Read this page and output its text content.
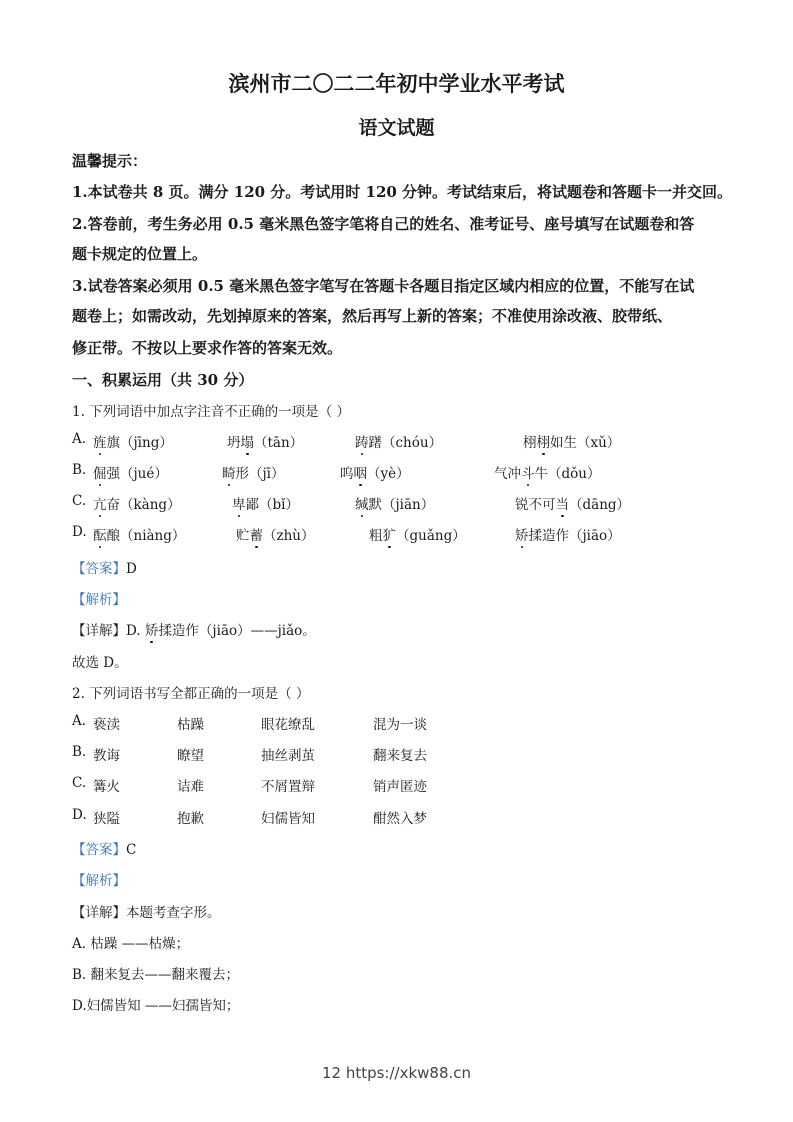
滨州市二〇二二年初中学业水平考试
语文试题
温馨提示：
1.本试卷共 8 页。满分 120 分。考试用时 120 分钟。考试结束后，将试题卷和答题卡一并交回。
2.答卷前，考生务必用 0.5 毫米黑色签字笔将自己的姓名、准考证号、座号填写在试题卷和答
题卡规定的位置上。
3.试卷答案必须用 0.5 毫米黑色签字笔写在答题卡各题目指定区域内相应的位置，不能写在试
题卷上；如需改动，先划掉原来的答案，然后再写上新的答案；不准使用涂改液、胶带纸、
修正带。不按以上要求作答的答案无效。
一、积累运用（共 30 分）
1. 下列词语中加点字注音不正确的一项是（ ）
A. 旌旗（jīng）	坍塌（tān）	踌躇（chóu）	栩栩如生（xǔ）
B. 倔强（jué）	畸形（jī）	呜咽（yè）	气冲斗牛（dǒu）
C. 亢奋（kàng）	卑鄙（bǐ）	缄默（jiān）	锐不可当（dāng）
D. 酝酿（niàng）	贮蓄（zhù）	粗犷（guǎng）	矫揉造作（jiāo）
【答案】D
【解析】
【详解】D. 矫揉造作（jiāo）——jiǎo。
故选 D。
2. 下列词语书写全都正确的一项是（ ）
A. 亵渎	枯躁	眼花缭乱	混为一谈
B. 教诲	瞭望	抽丝剥茧	翻来复去
C. 篝火	诘难	不屑置辩	销声匿迹
D. 狭隘	抱歉	妇儒皆知	酣然入梦
【答案】C
【解析】
【详解】本题考查字形。
A. 枯躁 ——枯燥；
B. 翻来复去——翻来覆去；
D.妇儒皆知 ——妇孺皆知；
12 https://xkw88.cn
